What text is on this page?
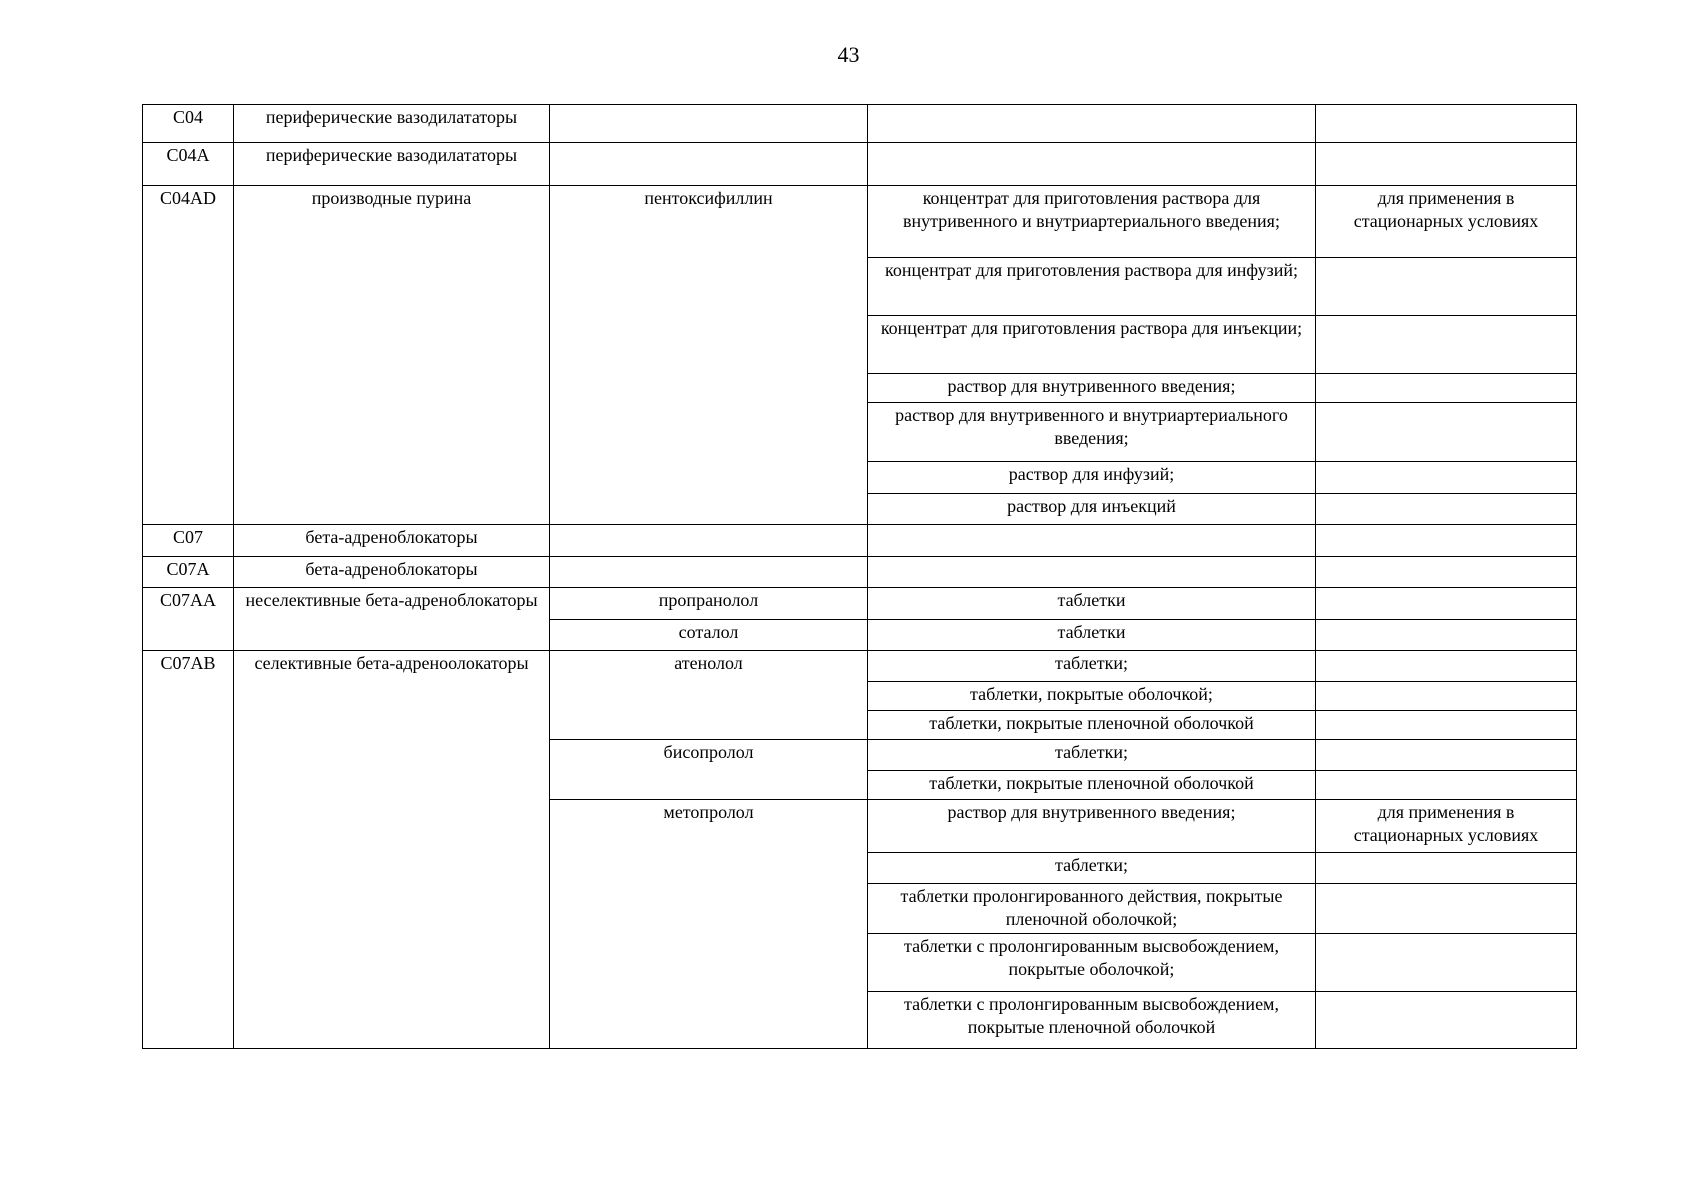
43
C04	периферические вазодилататоры			
C04A	периферические вазодилататоры			
C04AD	производные пурина	пентоксифиллин	концентрат для приготовления раствора для внутривенного и внутриартериального введения;	для применения в стационарных условиях
			концентрат для приготовления раствора для инфузий;	
			концентрат для приготовления раствора для инъекции;	
			раствор для внутривенного введения;	
			раствор для внутривенного и внутриартериального введения;	
			раствор для инфузий;	
			раствор для инъекций	
C07	бета-адреноблокаторы			
C07A	бета-адреноблокаторы			
C07AA	неселективные бета-адреноблокаторы	пропранолол	таблетки	
		соталол	таблетки	
C07AB	селективные бета-адреноолокаторы	атенолол	таблетки;	
			таблетки, покрытые оболочкой;	
			таблетки, покрытые пленочной оболочкой	
		бисопролол	таблетки;	
			таблетки, покрытые пленочной оболочкой	
		метопролол	раствор для внутривенного введения;	для применения в стационарных условиях
			таблетки;	
			таблетки пролонгированного действия, покрытые пленочной оболочкой;	
			таблетки с пролонгированным высвобождением, покрытые оболочкой;	
			таблетки с пролонгированным высвобождением, покрытые пленочной оболочкой	
